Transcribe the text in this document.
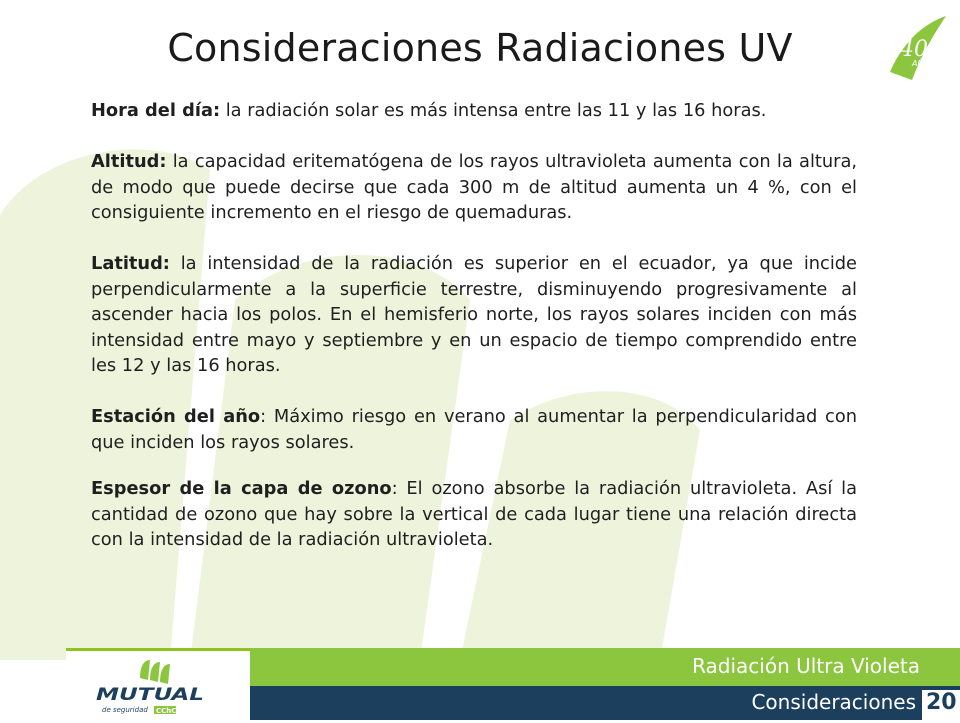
40
AÑOS
Consideraciones Radiaciones UV

Hora del día: la radiación solar es más intensa entre las 11 y las 16 horas.

Altitud: la capacidad eritematógena de los rayos ultravioleta aumenta con la altura, de modo que puede decirse que cada 300 m de altitud aumenta un 4 %, con el consiguiente incremento en el riesgo de quemaduras.

Latitud: la intensidad de la radiación es superior en el ecuador, ya que incide perpendicularmente a la superficie terrestre, disminuyendo progresivamente al ascender hacia los polos. En el hemisferio norte, los rayos solares inciden con más intensidad entre mayo y septiembre y en un espacio de tiempo comprendido entre les 12 y las 16 horas.

Estación del año: Máximo riesgo en verano al aumentar la perpendicularidad con que inciden los rayos solares.

Espesor de la capa de ozono: El ozono absorbe la radiación ultravioleta. Así la cantidad de ozono que hay sobre la vertical de cada lugar tiene una relación directa con la intensidad de la radiación ultravioleta.

MUTUAL
de seguridad CChC
Radiación Ultra Violeta
Consideraciones 20
